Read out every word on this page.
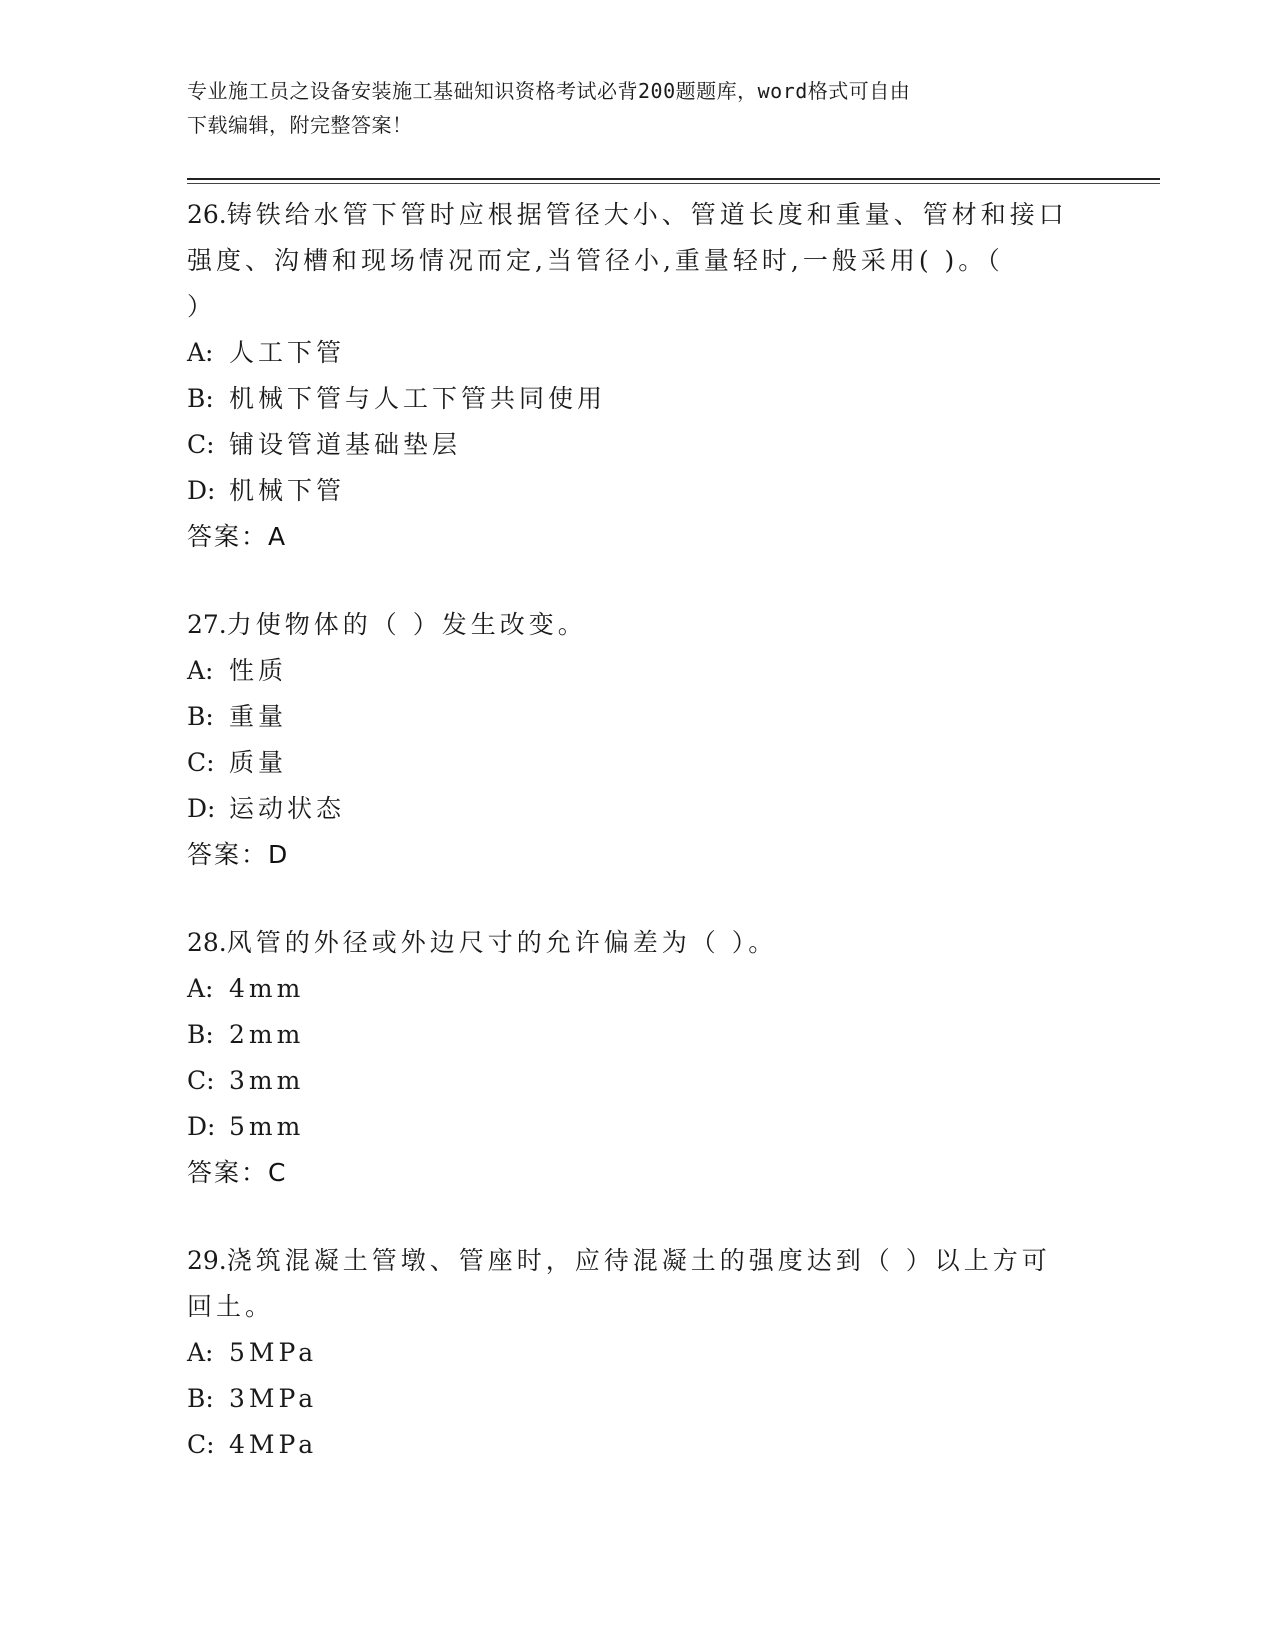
专业施工员之设备安装施工基础知识资格考试必背200题题库，word格式可自由
下载编辑，附完整答案！
26.铸铁给水管下管时应根据管径大小、管道长度和重量、管材和接口
强度、沟槽和现场情况而定,当管径小,重量轻时,一般采用( )。（
）
A: 人工下管
B: 机械下管与人工下管共同使用
C: 铺设管道基础垫层
D: 机械下管
答案：A
27.力使物体的（ ）发生改变。
A: 性质
B: 重量
C: 质量
D: 运动状态
答案：D
28.风管的外径或外边尺寸的允许偏差为（ ）。
A: 4mm
B: 2mm
C: 3mm
D: 5mm
答案：C
29.浇筑混凝土管墩、管座时，应待混凝土的强度达到（ ）以上方可
回土。
A: 5MPa
B: 3MPa
C: 4MPa
